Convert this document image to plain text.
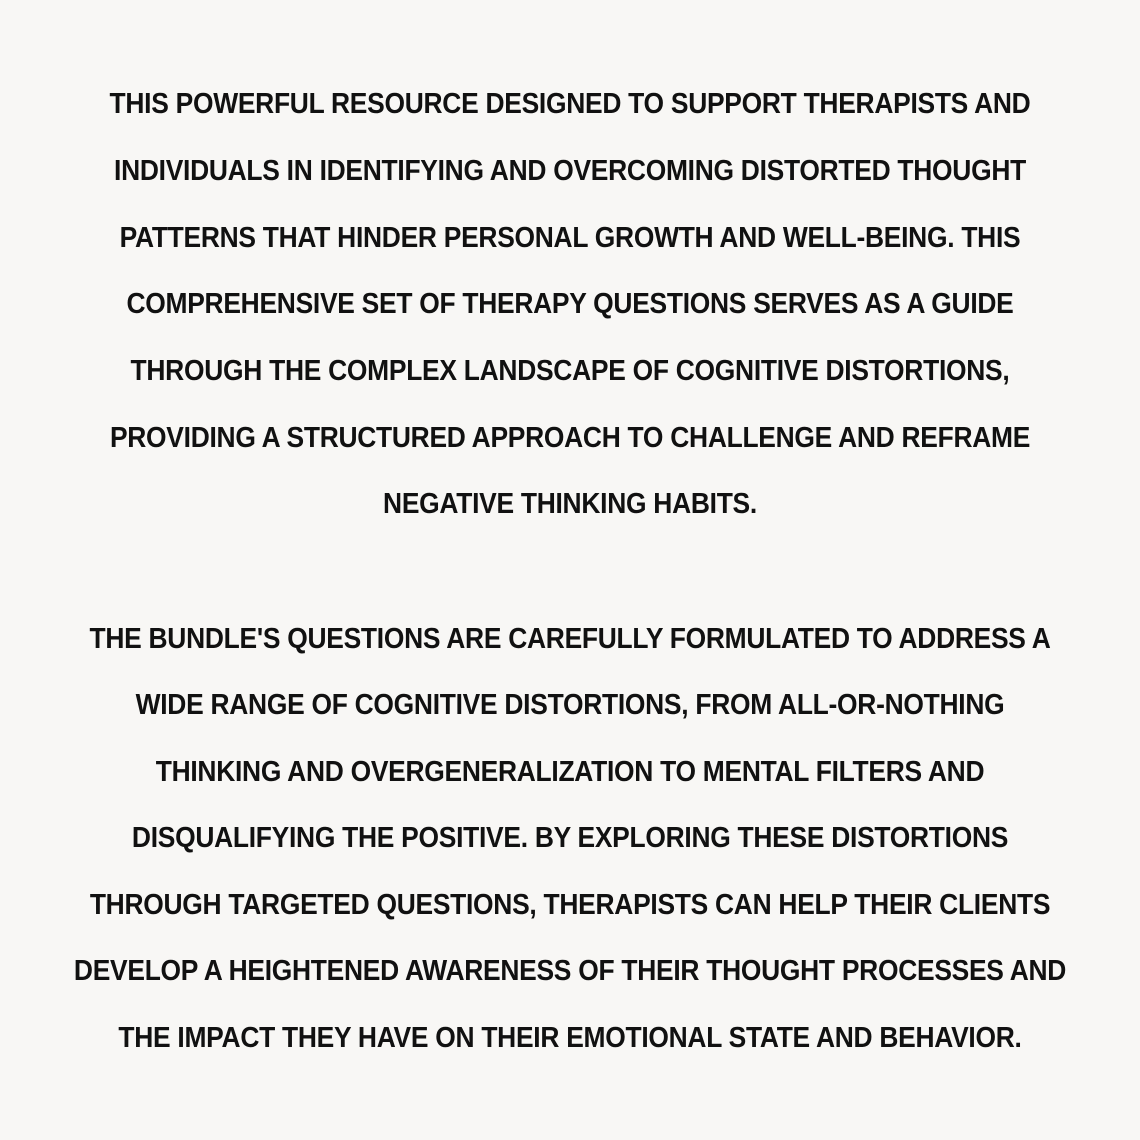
THIS POWERFUL RESOURCE DESIGNED TO SUPPORT THERAPISTS AND
INDIVIDUALS IN IDENTIFYING AND OVERCOMING DISTORTED THOUGHT
PATTERNS THAT HINDER PERSONAL GROWTH AND WELL-BEING. THIS
COMPREHENSIVE SET OF THERAPY QUESTIONS SERVES AS A GUIDE
THROUGH THE COMPLEX LANDSCAPE OF COGNITIVE DISTORTIONS,
PROVIDING A STRUCTURED APPROACH TO CHALLENGE AND REFRAME
NEGATIVE THINKING HABITS.
THE BUNDLE'S QUESTIONS ARE CAREFULLY FORMULATED TO ADDRESS A
WIDE RANGE OF COGNITIVE DISTORTIONS, FROM ALL-OR-NOTHING
THINKING AND OVERGENERALIZATION TO MENTAL FILTERS AND
DISQUALIFYING THE POSITIVE. BY EXPLORING THESE DISTORTIONS
THROUGH TARGETED QUESTIONS, THERAPISTS CAN HELP THEIR CLIENTS
DEVELOP A HEIGHTENED AWARENESS OF THEIR THOUGHT PROCESSES AND
THE IMPACT THEY HAVE ON THEIR EMOTIONAL STATE AND BEHAVIOR.
